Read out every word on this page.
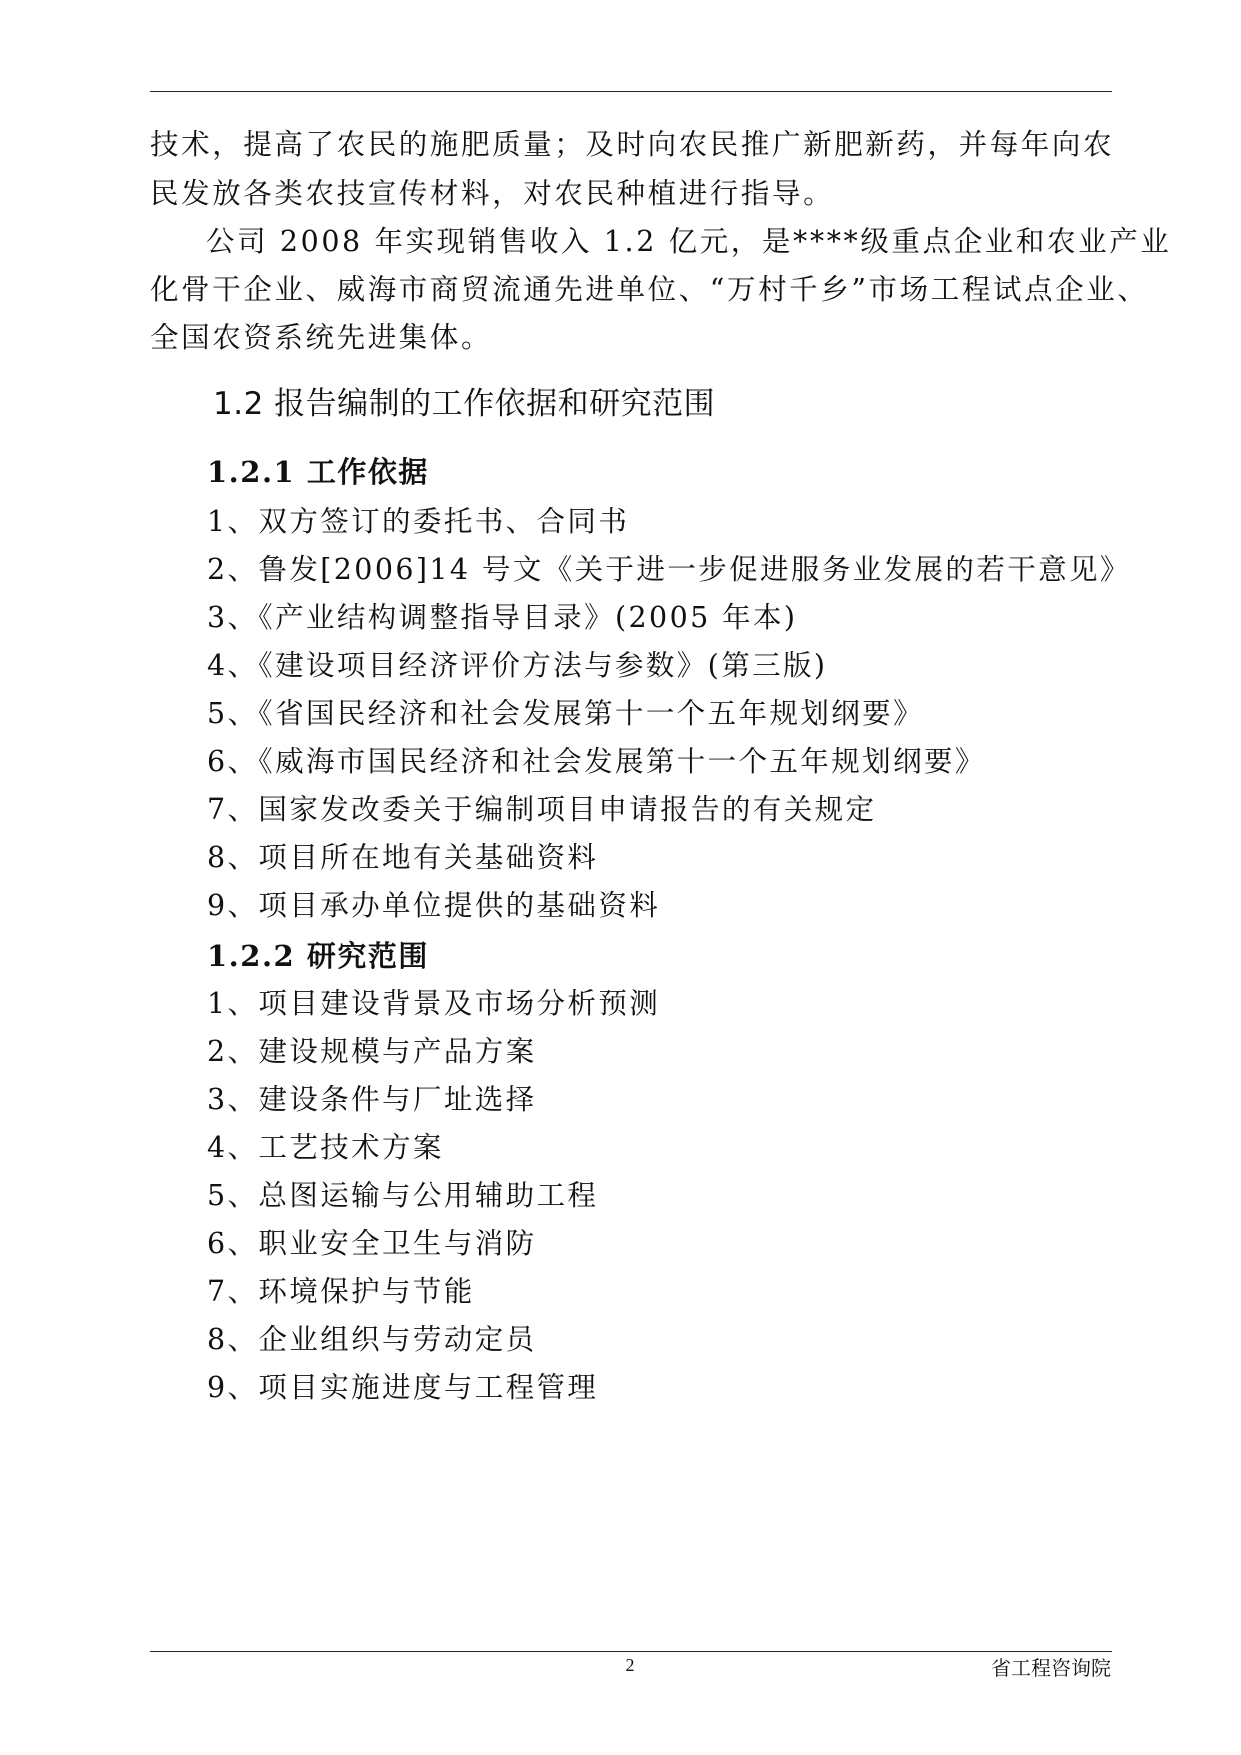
技术，提高了农民的施肥质量；及时向农民推广新肥新药，并每年向农
民发放各类农技宣传材料，对农民种植进行指导。
公司 2008 年实现销售收入 1.2 亿元，是****级重点企业和农业产业
化骨干企业、威海市商贸流通先进单位、“万村千乡”市场工程试点企业、
全国农资系统先进集体。
1.2 报告编制的工作依据和研究范围
1.2.1 工作依据
1、双方签订的委托书、合同书
2、鲁发[2006]14 号文《关于进一步促进服务业发展的若干意见》
3、《产业结构调整指导目录》(2005 年本)
4、《建设项目经济评价方法与参数》(第三版)
5、《省国民经济和社会发展第十一个五年规划纲要》
6、《威海市国民经济和社会发展第十一个五年规划纲要》
7、国家发改委关于编制项目申请报告的有关规定
8、项目所在地有关基础资料
9、项目承办单位提供的基础资料
1.2.2 研究范围
1、项目建设背景及市场分析预测
2、建设规模与产品方案
3、建设条件与厂址选择
4、工艺技术方案
5、总图运输与公用辅助工程
6、职业安全卫生与消防
7、环境保护与节能
8、企业组织与劳动定员
9、项目实施进度与工程管理
2	省工程咨询院
